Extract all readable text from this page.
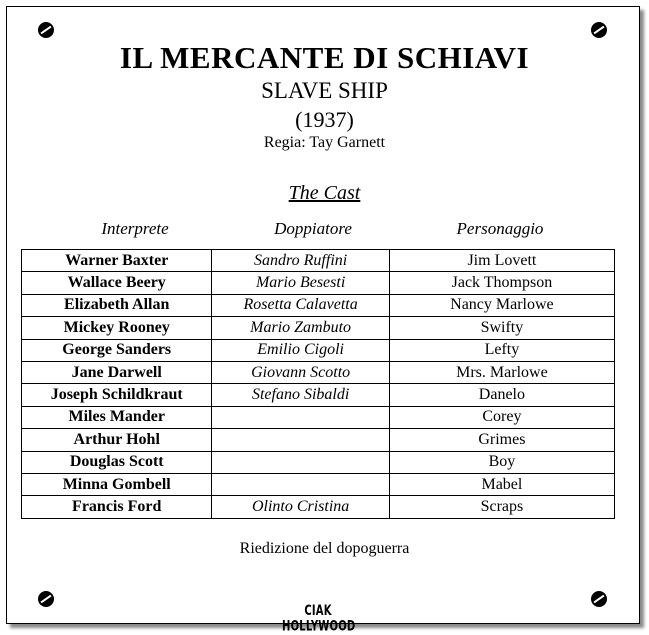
IL MERCANTE DI SCHIAVI
SLAVE SHIP
(1937)
Regia: Tay Garnett
The Cast
Interprete	Doppiatore	Personaggio
Warner Baxter	Sandro Ruffini	Jim Lovett
Wallace Beery	Mario Besesti	Jack Thompson
Elizabeth Allan	Rosetta Calavetta	Nancy Marlowe
Mickey Rooney	Mario Zambuto	Swifty
George Sanders	Emilio Cigoli	Lefty
Jane Darwell	Giovann Scotto	Mrs. Marlowe
Joseph Schildkraut	Stefano Sibaldi	Danelo
Miles Mander		Corey
Arthur Hohl		Grimes
Douglas Scott		Boy
Minna Gombell		Mabel
Francis Ford	Olinto Cristina	Scraps
Riedizione del dopoguerra
CIAK HOLLYWOOD
